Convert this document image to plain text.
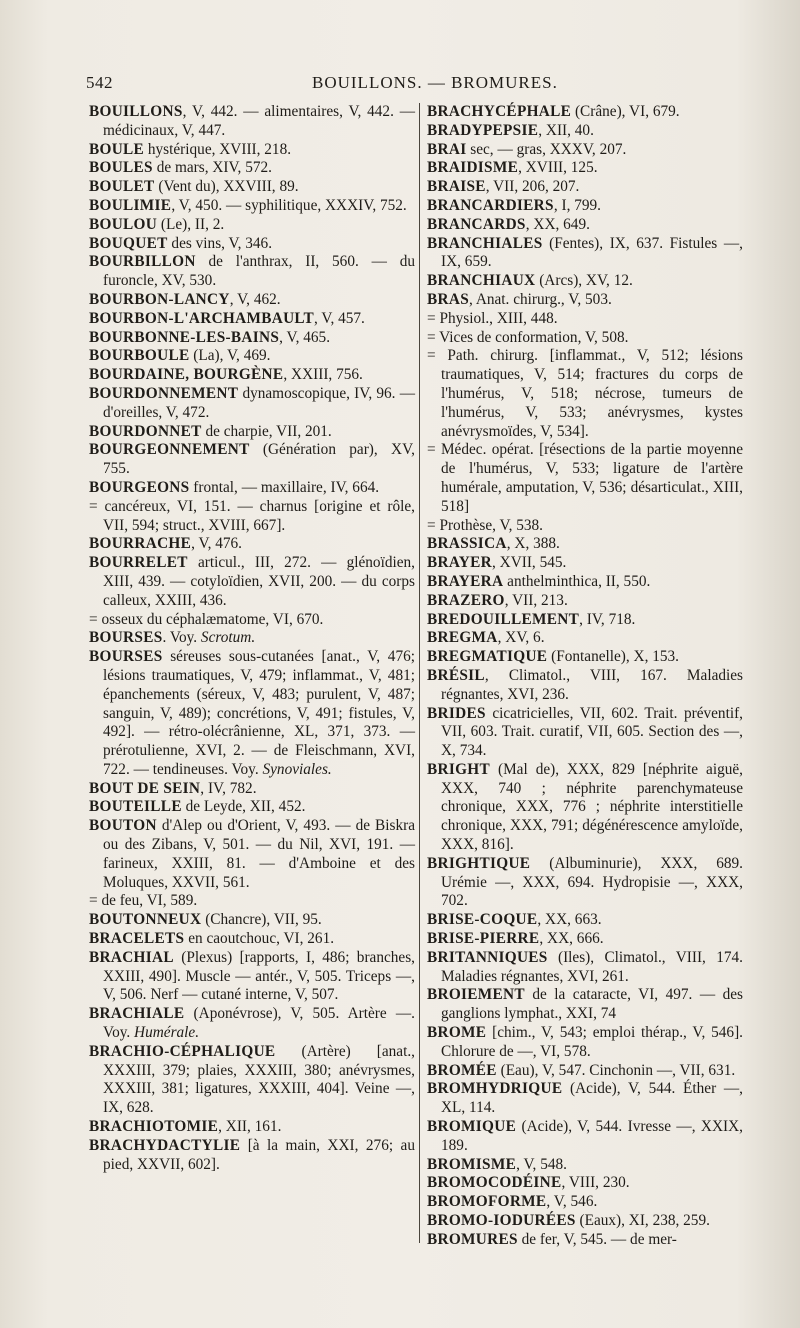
542	BOUILLONS. — BROMURES.

BOUILLONS, V, 442. — alimentaires, V, 442. — médicinaux, V, 447.

BOULE hystérique, XVIII, 218.

BOULES de mars, XIV, 572.

BOULET (Vent du), XXVIII, 89.

BOULIMIE, V, 450. — syphilitique, XXXIV, 752.

BOULOU (Le), II, 2.

BOUQUET des vins, V, 346.

BOURBILLON de l'anthrax, II, 560. — du furoncle, XV, 530.

BOURBON-LANCY, V, 462.

BOURBON-L'ARCHAMBAULT, V, 457.

BOURBONNE-LES-BAINS, V, 465.

BOURBOULE (La), V, 469.

BOURDAINE, BOURGÈNE, XXIII, 756.

BOURDONNEMENT dynamoscopique, IV, 96. — d'oreilles, V, 472.

BOURDONNET de charpie, VII, 201.

BOURGEONNEMENT (Génération par), XV, 755.

BOURGEONS frontal, — maxillaire, IV, 664.

= cancéreux, VI, 151. — charnus [origine et rôle, VII, 594; struct., XVIII, 667].

BOURRACHE, V, 476.

BOURRELET articul., III, 272. — glénoïdien, XIII, 439. — cotyloïdien, XVII, 200. — du corps calleux, XXIII, 436.

= osseux du céphalæmatome, VI, 670.

BOURSES. Voy. Scrotum.

BOURSES séreuses sous-cutanées [anat., V, 476; lésions traumatiques, V, 479; inflammat., V, 481; épanchements (séreux, V, 483; purulent, V, 487; sanguin, V, 489); concrétions, V, 491; fistules, V, 492]. — rétro-olécrânienne, XL, 371, 373. — prérotulienne, XVI, 2. — de Fleischmann, XVI, 722. — tendineuses. Voy. Synoviales.

BOUT DE SEIN, IV, 782.

BOUTEILLE de Leyde, XII, 452.

BOUTON d'Alep ou d'Orient, V, 493. — de Biskra ou des Zibans, V, 501. — du Nil, XVI, 191. — farineux, XXIII, 81. — d'Amboine et des Moluques, XXVII, 561.

= de feu, VI, 589.

BOUTONNEUX (Chancre), VII, 95.

BRACELETS en caoutchouc, VI, 261.

BRACHIAL (Plexus) [rapports, I, 486; branches, XXIII, 490]. Muscle — antér., V, 505. Triceps —, V, 506. Nerf — cutané interne, V, 507.

BRACHIALE (Aponévrose), V, 505. Artère —. Voy. Humérale.

BRACHIO-CÉPHALIQUE (Artère) [anat., XXXIII, 379; plaies, XXXIII, 380; anévrysmes, XXXIII, 381; ligatures, XXXIII, 404]. Veine —, IX, 628.

BRACHIOTOMIE, XII, 161.

BRACHYDACTYLIE [à la main, XXI, 276; au pied, XXVII, 602].

BRACHYCÉPHALE (Crâne), VI, 679.

BRADYPEPSIE, XII, 40.

BRAI sec, — gras, XXXV, 207.

BRAIDISME, XVIII, 125.

BRAISE, VII, 206, 207.

BRANCARDIERS, I, 799.

BRANCARDS, XX, 649.

BRANCHIALES (Fentes), IX, 637. Fistules —, IX, 659.

BRANCHIAUX (Arcs), XV, 12.

BRAS, Anat. chirurg., V, 503.

= Physiol., XIII, 448.

= Vices de conformation, V, 508.

= Path. chirurg. [inflammat., V, 512; lésions traumatiques, V, 514; fractures du corps de l'humérus, V, 518; nécrose, tumeurs de l'humérus, V, 533; anévrysmes, kystes anévrysmoïdes, V, 534].

= Médec. opérat. [résections de la partie moyenne de l'humérus, V, 533; ligature de l'artère humérale, amputation, V, 536; désarticulat., XIII, 518]

= Prothèse, V, 538.

BRASSICA, X, 388.

BRAYER, XVII, 545.

BRAYERA anthelminthica, II, 550.

BRAZERO, VII, 213.

BREDOUILLEMENT, IV, 718.

BREGMA, XV, 6.

BREGMATIQUE (Fontanelle), X, 153.

BRÉSIL, Climatol., VIII, 167. Maladies régnantes, XVI, 236.

BRIDES cicatricielles, VII, 602. Trait. préventif, VII, 603. Trait. curatif, VII, 605. Section des —, X, 734.

BRIGHT (Mal de), XXX, 829 [néphrite aiguë, XXX, 740 ; néphrite parenchymateuse chronique, XXX, 776 ; néphrite interstitielle chronique, XXX, 791; dégénérescence amyloïde, XXX, 816].

BRIGHTIQUE (Albuminurie), XXX, 689. Urémie —, XXX, 694. Hydropisie —, XXX, 702.

BRISE-COQUE, XX, 663.

BRISE-PIERRE, XX, 666.

BRITANNIQUES (Iles), Climatol., VIII, 174. Maladies régnantes, XVI, 261.

BROIEMENT de la cataracte, VI, 497. — des ganglions lymphat., XXI, 74

BROME [chim., V, 543; emploi thérap., V, 546]. Chlorure de —, VI, 578.

BROMÉE (Eau), V, 547. Cinchonin —, VII, 631.

BROMHYDRIQUE (Acide), V, 544. Éther —, XL, 114.

BROMIQUE (Acide), V, 544. Ivresse —, XXIX, 189.

BROMISME, V, 548.

BROMOCODÉINE, VIII, 230.

BROMOFORME, V, 546.

BROMO-IODURÉES (Eaux), XI, 238, 259.

BROMURES de fer, V, 545. — de mer-
